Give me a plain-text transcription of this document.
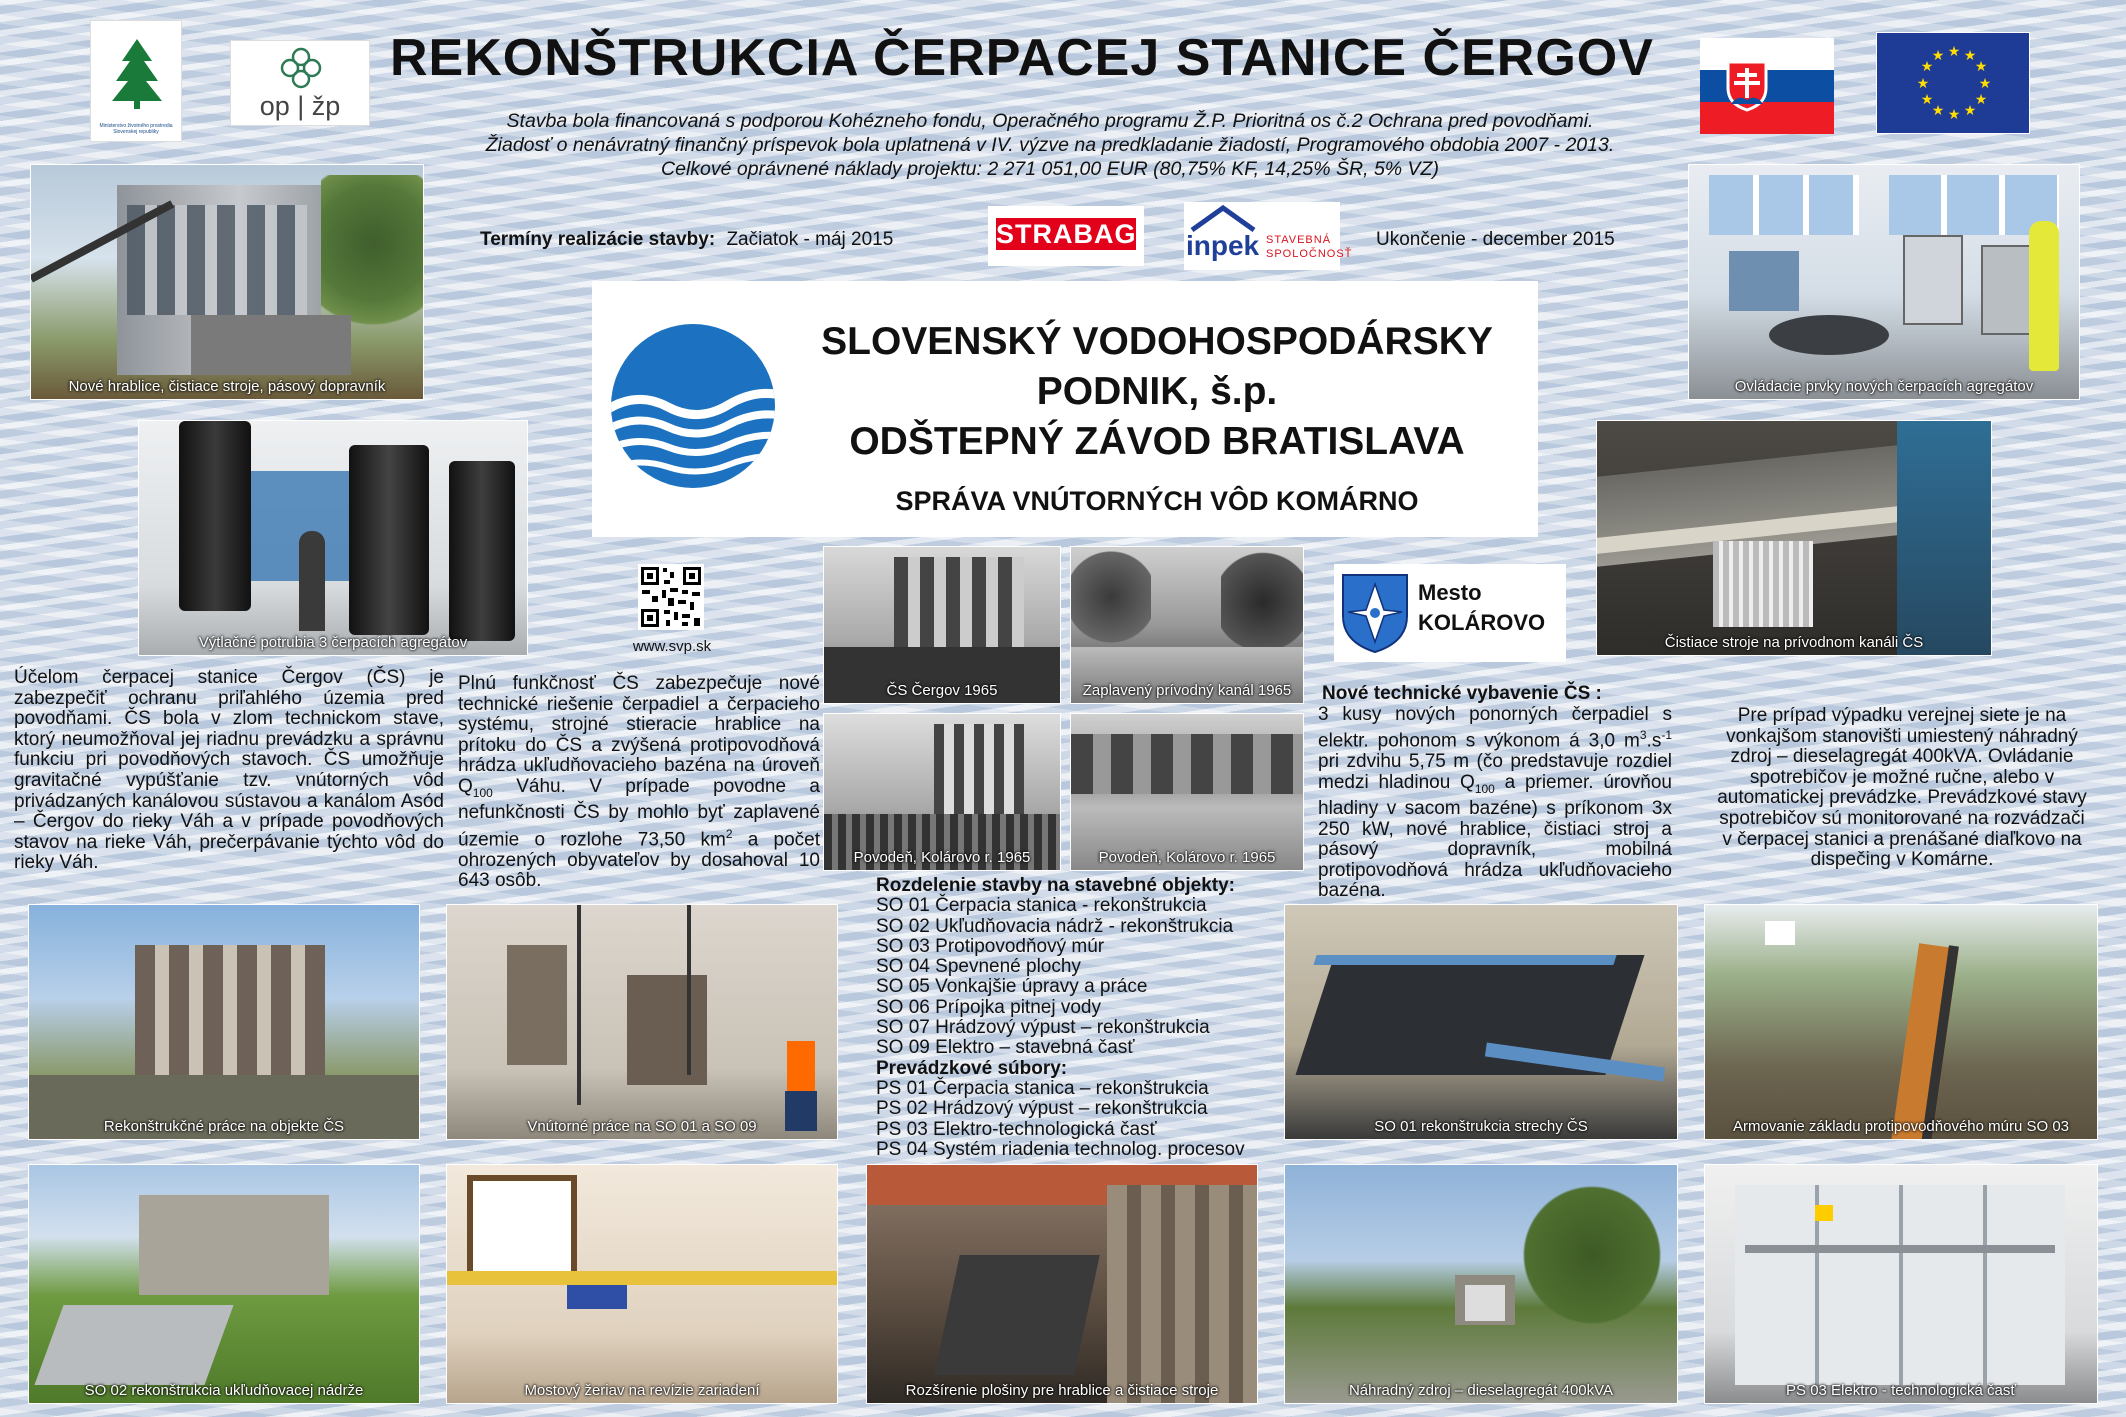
Ministerstvo životného prostredia Slovenskej republiky
op | žp
REKONŠTRUKCIA ČERPACEJ STANICE ČERGOV	★ ★
★
★
★
★
★
★
★
★
★
★
Stavba bola financovaná s podporou Kohézneho fondu, Operačného programu Ž.P. Prioritná os č.2 Ochrana pred povodňami.
Žiadosť o nenávratný finančný príspevok bola uplatnená v IV. výzve na predkladanie žiadostí, Programového obdobia 2007 - 2013.
Celkové oprávnené náklady projektu: 2 271 051,00 EUR (80,75% KF, 14,25% ŠR, 5% VZ)
Termíny realizácie stavby: Začiatok - máj 2015	STRABAG inpek STAVEBNÁ
SPOLOČNOSŤ
Ukončenie - december 2015
SLOVENSKÝ VODOHOSPODÁRSKY
PODNIK, š.p.
ODŠTEPNÝ ZÁVOD BRATISLAVA
SPRÁVA VNÚTORNÝCH VÔD KOMÁRNO
www.svp.sk
Mesto
KOLÁROVO
Nové hrablice, čistiace stroje, pásový dopravník	Ovládacie prvky nových čerpacích agregátov
Výtlačné potrubia 3 čerpacích agregátov	Čistiace stroje na prívodnom kanáli ČS
ČS Čergov 1965	Zaplavený prívodný kanál 1965
Povodeň, Kolárovo r. 1965	Povodeň, Kolárovo r. 1965
Rekonštrukčné práce na objekte ČS	Vnútorné práce na SO 01 a SO 09	SO 01 rekonštrukcia strechy ČS	Armovanie základu protipovodňového múru SO 03
Rozdelenie stavby na stavebné objekty:
SO 01 Čerpacia stanica - rekonštrukcia
SO 02 Ukľudňovacia nádrž - rekonštrukcia
SO 03 Protipovodňový múr
SO 04 Spevnené plochy
SO 05 Vonkajšie úpravy a práce
SO 06 Prípojka pitnej vody
SO 07 Hrádzový výpust – rekonštrukcia
SO 09 Elektro – stavebná časť
Prevádzkové súbory:
PS 01 Čerpacia stanica – rekonštrukcia
PS 02 Hrádzový výpust – rekonštrukcia
PS 03 Elektro-technologická časť
PS 04 Systém riadenia technolog. procesov
SO 02 rekonštrukcia ukľudňovacej nádrže	Mostový žeriav na revízie zariadení	Rozšírenie plošiny pre hrablice a čistiace stroje	Náhradný zdroj – dieselagregát 400kVA	PS 03 Elektro - technologická časť
Účelom čerpacej stanice Čergov (ČS) je zabezpečiť ochranu priľahlého územia pred povodňami. ČS bola v zlom technickom stave, ktorý neumožňoval jej riadnu prevádzku a správnu funkciu pri povodňových stavoch. ČS umožňuje gravitačné vypúšťanie tzv. vnútorných vôd privádzaných kanálovou sústavou a kanálom Asód – Čergov do rieky Váh a v prípade povodňových stavov na rieke Váh, prečerpávanie týchto vôd do rieky Váh.
Plnú funkčnosť ČS zabezpečuje nové technické riešenie čerpadiel a čerpacieho systému, strojné stieracie hrablice na prítoku do ČS a zvýšená protipovodňová hrádza ukľudňovacieho bazéna na úroveň $Q_{100}$ Váhu. V prípade povodne a nefunkčnosti ČS by mohlo byť zaplavené územie o rozlohe 73,50 $km^2$ a počet ohrozených obyvateľov by dosahoval 10 643 osôb.
Nové technické vybavenie ČS :
3 kusy nových ponorných čerpadiel s elektr. pohonom s výkonom á 3,0 $m^3.s^{-1}$ pri zdvihu 5,75 m (čo predstavuje rozdiel medzi hladinou $Q_{100}$ a priemer. úrovňou hladiny v sacom bazéne) s príkonom 3x 250 kW, nové hrablice, čistiaci stroj a pásový dopravník, mobilná protipovodňová hrádza ukľudňovacieho bazéna.
Pre prípad výpadku verejnej siete je na vonkajšom stanovišti umiestený náhradný zdroj – dieselagregát 400kVA. Ovládanie spotrebičov je možné ručne, alebo v automatickej prevádzke. Prevádzkové stavy spotrebičov sú monitorované na rozvádzači v čerpacej stanici a prenášané diaľkovo na dispečing v Komárne.
